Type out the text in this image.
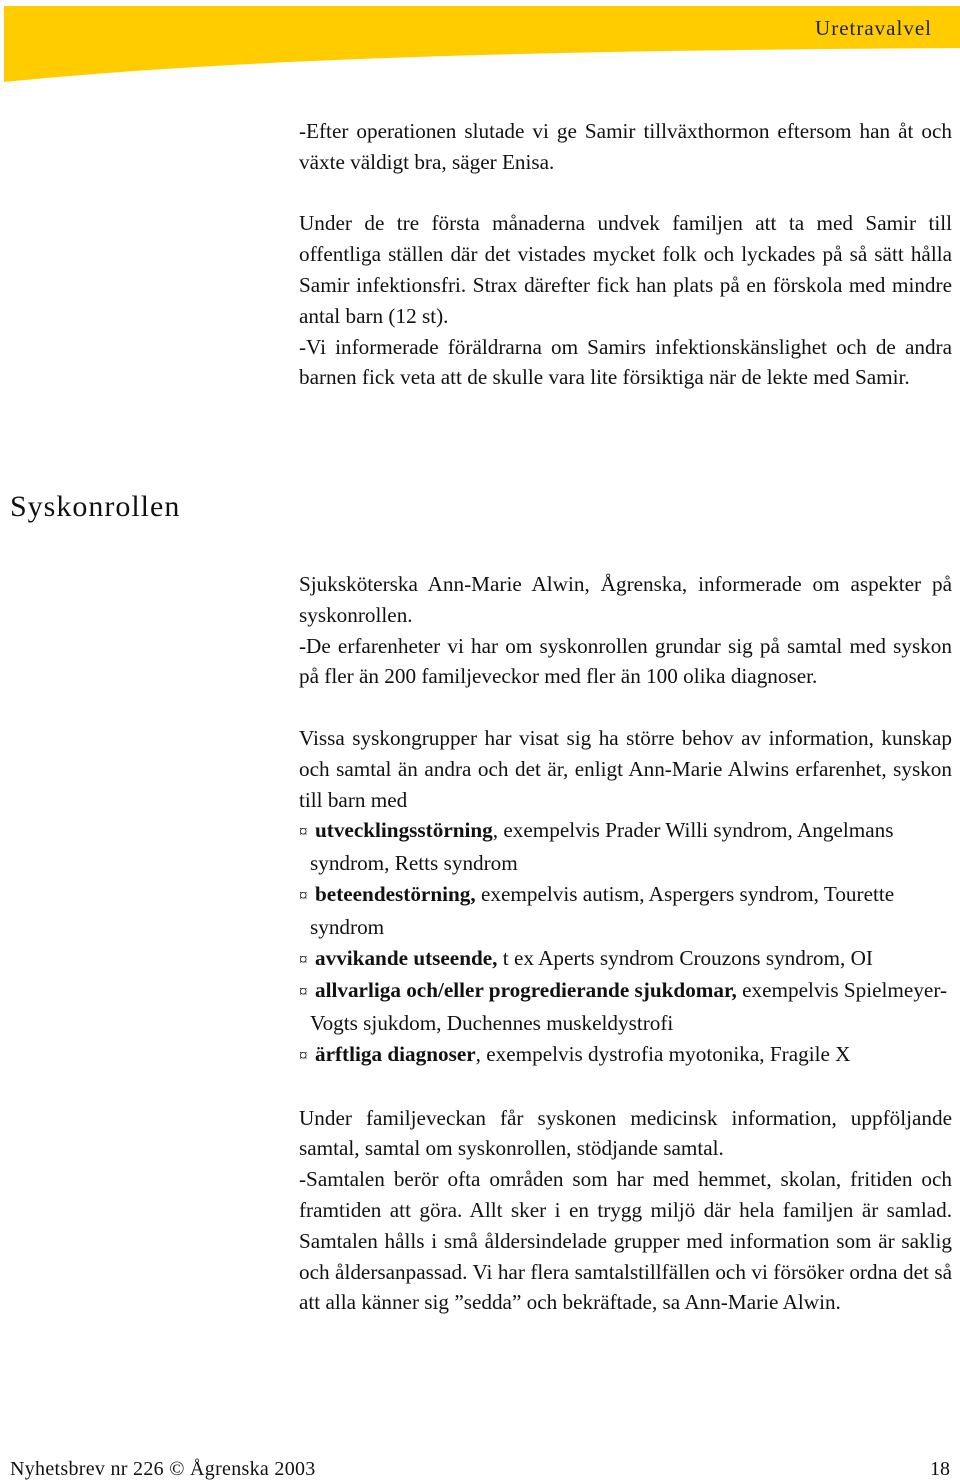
Uretravalvel

-Efter operationen slutade vi ge Samir tillväxthormon eftersom han åt och växte väldigt bra, säger Enisa.

Under de tre första månaderna undvek familjen att ta med Samir till offentliga ställen där det vistades mycket folk och lyckades på så sätt hålla Samir infektionsfri. Strax därefter fick han plats på en förskola med mindre antal barn (12 st).

-Vi informerade föräldrarna om Samirs infektionskänslighet och de andra barnen fick veta att de skulle vara lite försiktiga när de lekte med Samir.

Syskonrollen

Sjuksköterska Ann-Marie Alwin, Ågrenska, informerade om aspekter på syskonrollen.

-De erfarenheter vi har om syskonrollen grundar sig på samtal med syskon på fler än 200 familjeveckor med fler än 100 olika diagnoser.

Vissa syskongrupper har visat sig ha större behov av information, kunskap och samtal än andra och det är, enligt Ann-Marie Alwins erfarenhet, syskon till barn med

¤ utvecklingsstörning, exempelvis Prader Willi syndrom, Angelmans syndrom, Retts syndrom
¤ beteendestörning, exempelvis autism, Aspergers syndrom, Tourette syndrom
¤ avvikande utseende, t ex Aperts syndrom Crouzons syndrom, OI
¤ allvarliga och/eller progredierande sjukdomar, exempelvis Spielmeyer-Vogts sjukdom, Duchennes muskeldystrofi
¤ ärftliga diagnoser, exempelvis dystrofia myotonika, Fragile X

Under familjeveckan får syskonen medicinsk information, uppföljande samtal, samtal om syskonrollen, stödjande samtal.

-Samtalen berör ofta områden som har med hemmet, skolan, fritiden och framtiden att göra. Allt sker i en trygg miljö där hela familjen är samlad. Samtalen hålls i små åldersindelade grupper med information som är saklig och åldersanpassad. Vi har flera samtalstillfällen och vi försöker ordna det så att alla känner sig ”sedda” och bekräftade, sa Ann-Marie Alwin.

Nyhetsbrev nr 226 © Ågrenska 2003	18
